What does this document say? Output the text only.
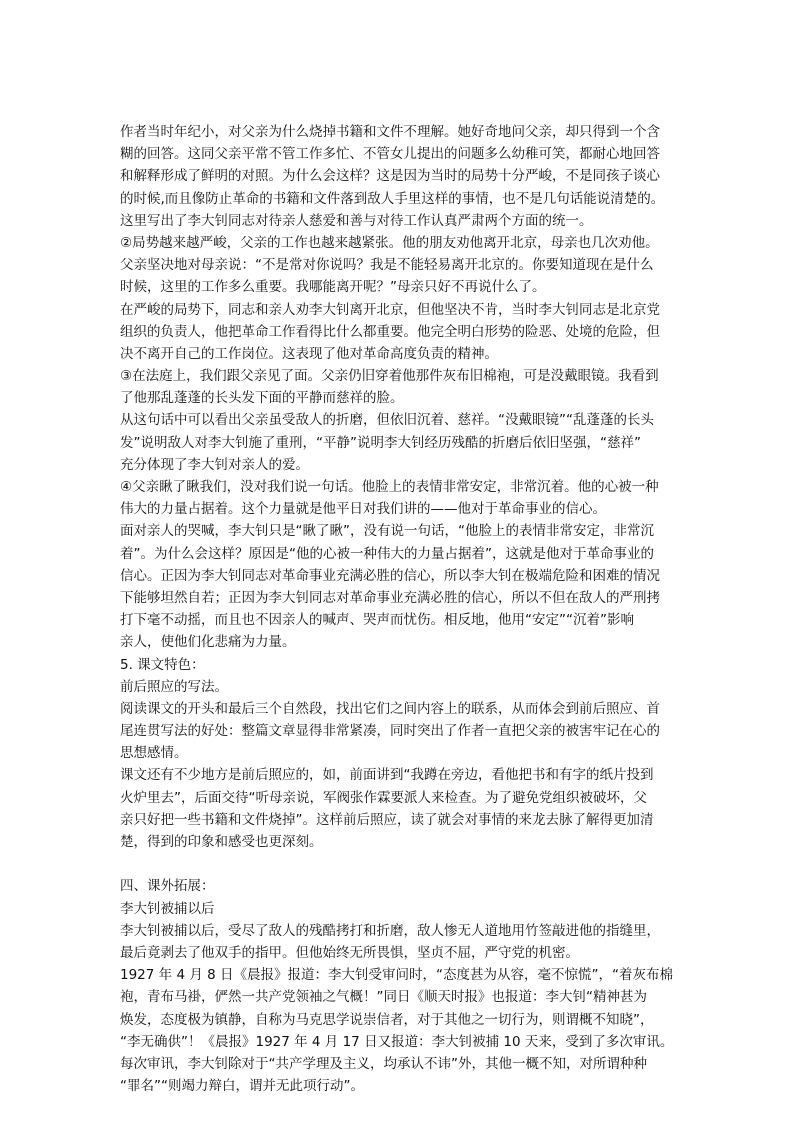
作者当时年纪小，对父亲为什么烧掉书籍和文件不理解。她好奇地问父亲，却只得到一个含
糊的回答。这同父亲平常不管工作多忙、不管女儿提出的问题多么幼稚可笑，都耐心地回答
和解释形成了鲜明的对照。为什么会这样？这是因为当时的局势十分严峻，不是同孩子谈心
的时候,而且像防止革命的书籍和文件落到敌人手里这样的事情，也不是几句话能说清楚的。
这里写出了李大钊同志对待亲人慈爱和善与对待工作认真严肃两个方面的统一。
②局势越来越严峻，父亲的工作也越来越紧张。他的朋友劝他离开北京，母亲也几次劝他。
父亲坚决地对母亲说：“不是常对你说吗？我是不能轻易离开北京的。你要知道现在是什么
时候，这里的工作多么重要。我哪能离开呢？”母亲只好不再说什么了。
在严峻的局势下，同志和亲人劝李大钊离开北京，但他坚决不肯，当时李大钊同志是北京党
组织的负责人，他把革命工作看得比什么都重要。他完全明白形势的险恶、处境的危险，但
决不离开自己的工作岗位。这表现了他对革命高度负责的精神。
③在法庭上，我们跟父亲见了面。父亲仍旧穿着他那件灰布旧棉袍，可是没戴眼镜。我看到
了他那乱蓬蓬的长头发下面的平静而慈祥的脸。
从这句话中可以看出父亲虽受敌人的折磨，但依旧沉着、慈祥。“没戴眼镜”“乱蓬蓬的长头
发”说明敌人对李大钊施了重刑，“平静”说明李大钊经历残酷的折磨后依旧坚强，“慈祥”
充分体现了李大钊对亲人的爱。
④父亲瞅了瞅我们，没对我们说一句话。他脸上的表情非常安定，非常沉着。他的心被一种
伟大的力量占据着。这个力量就是他平日对我们讲的——他对于革命事业的信心。
面对亲人的哭喊，李大钊只是“瞅了瞅”，没有说一句话，“他脸上的表情非常安定，非常沉
着”。为什么会这样？原因是“他的心被一种伟大的力量占据着”，这就是他对于革命事业的
信心。正因为李大钊同志对革命事业充满必胜的信心，所以李大钊在极端危险和困难的情况
下能够坦然自若；正因为李大钊同志对革命事业充满必胜的信心，所以不但在敌人的严刑拷
打下毫不动摇，而且也不因亲人的喊声、哭声而忧伤。相反地，他用“安定”“沉着”影响
亲人，使他们化悲痛为力量。
5. 课文特色：
前后照应的写法。
阅读课文的开头和最后三个自然段，找出它们之间内容上的联系，从而体会到前后照应、首
尾连贯写法的好处：整篇文章显得非常紧凑，同时突出了作者一直把父亲的被害牢记在心的
思想感情。
课文还有不少地方是前后照应的，如，前面讲到“我蹲在旁边，看他把书和有字的纸片投到
火炉里去”，后面交待“听母亲说，军阀张作霖要派人来检查。为了避免党组织被破坏，父
亲只好把一些书籍和文件烧掉”。这样前后照应，读了就会对事情的来龙去脉了解得更加清
楚，得到的印象和感受也更深刻。
四、课外拓展：
李大钊被捕以后
李大钊被捕以后，受尽了敌人的残酷拷打和折磨，敌人惨无人道地用竹签敲进他的指缝里，
最后竟剥去了他双手的指甲。但他始终无所畏惧，坚贞不屈，严守党的机密。
1927 年 4 月 8 日《晨报》报道：李大钊受审问时，“态度甚为从容，毫不惊慌”，“着灰布棉
袍，青布马褂，俨然一共产党领袖之气概！”同日《顺天时报》也报道：李大钊“精神甚为
焕发，态度极为镇静，自称为马克思学说崇信者，对于其他之一切行为，则谓概不知晓”，
“李无确供”！《晨报》1927 年 4 月 17 日又报道：李大钊被捕 10 天来，受到了多次审讯。
每次审讯，李大钊除对于“共产学理及主义，均承认不讳”外，其他一概不知，对所谓种种
“罪名”“则竭力辩白，谓并无此项行动”。
